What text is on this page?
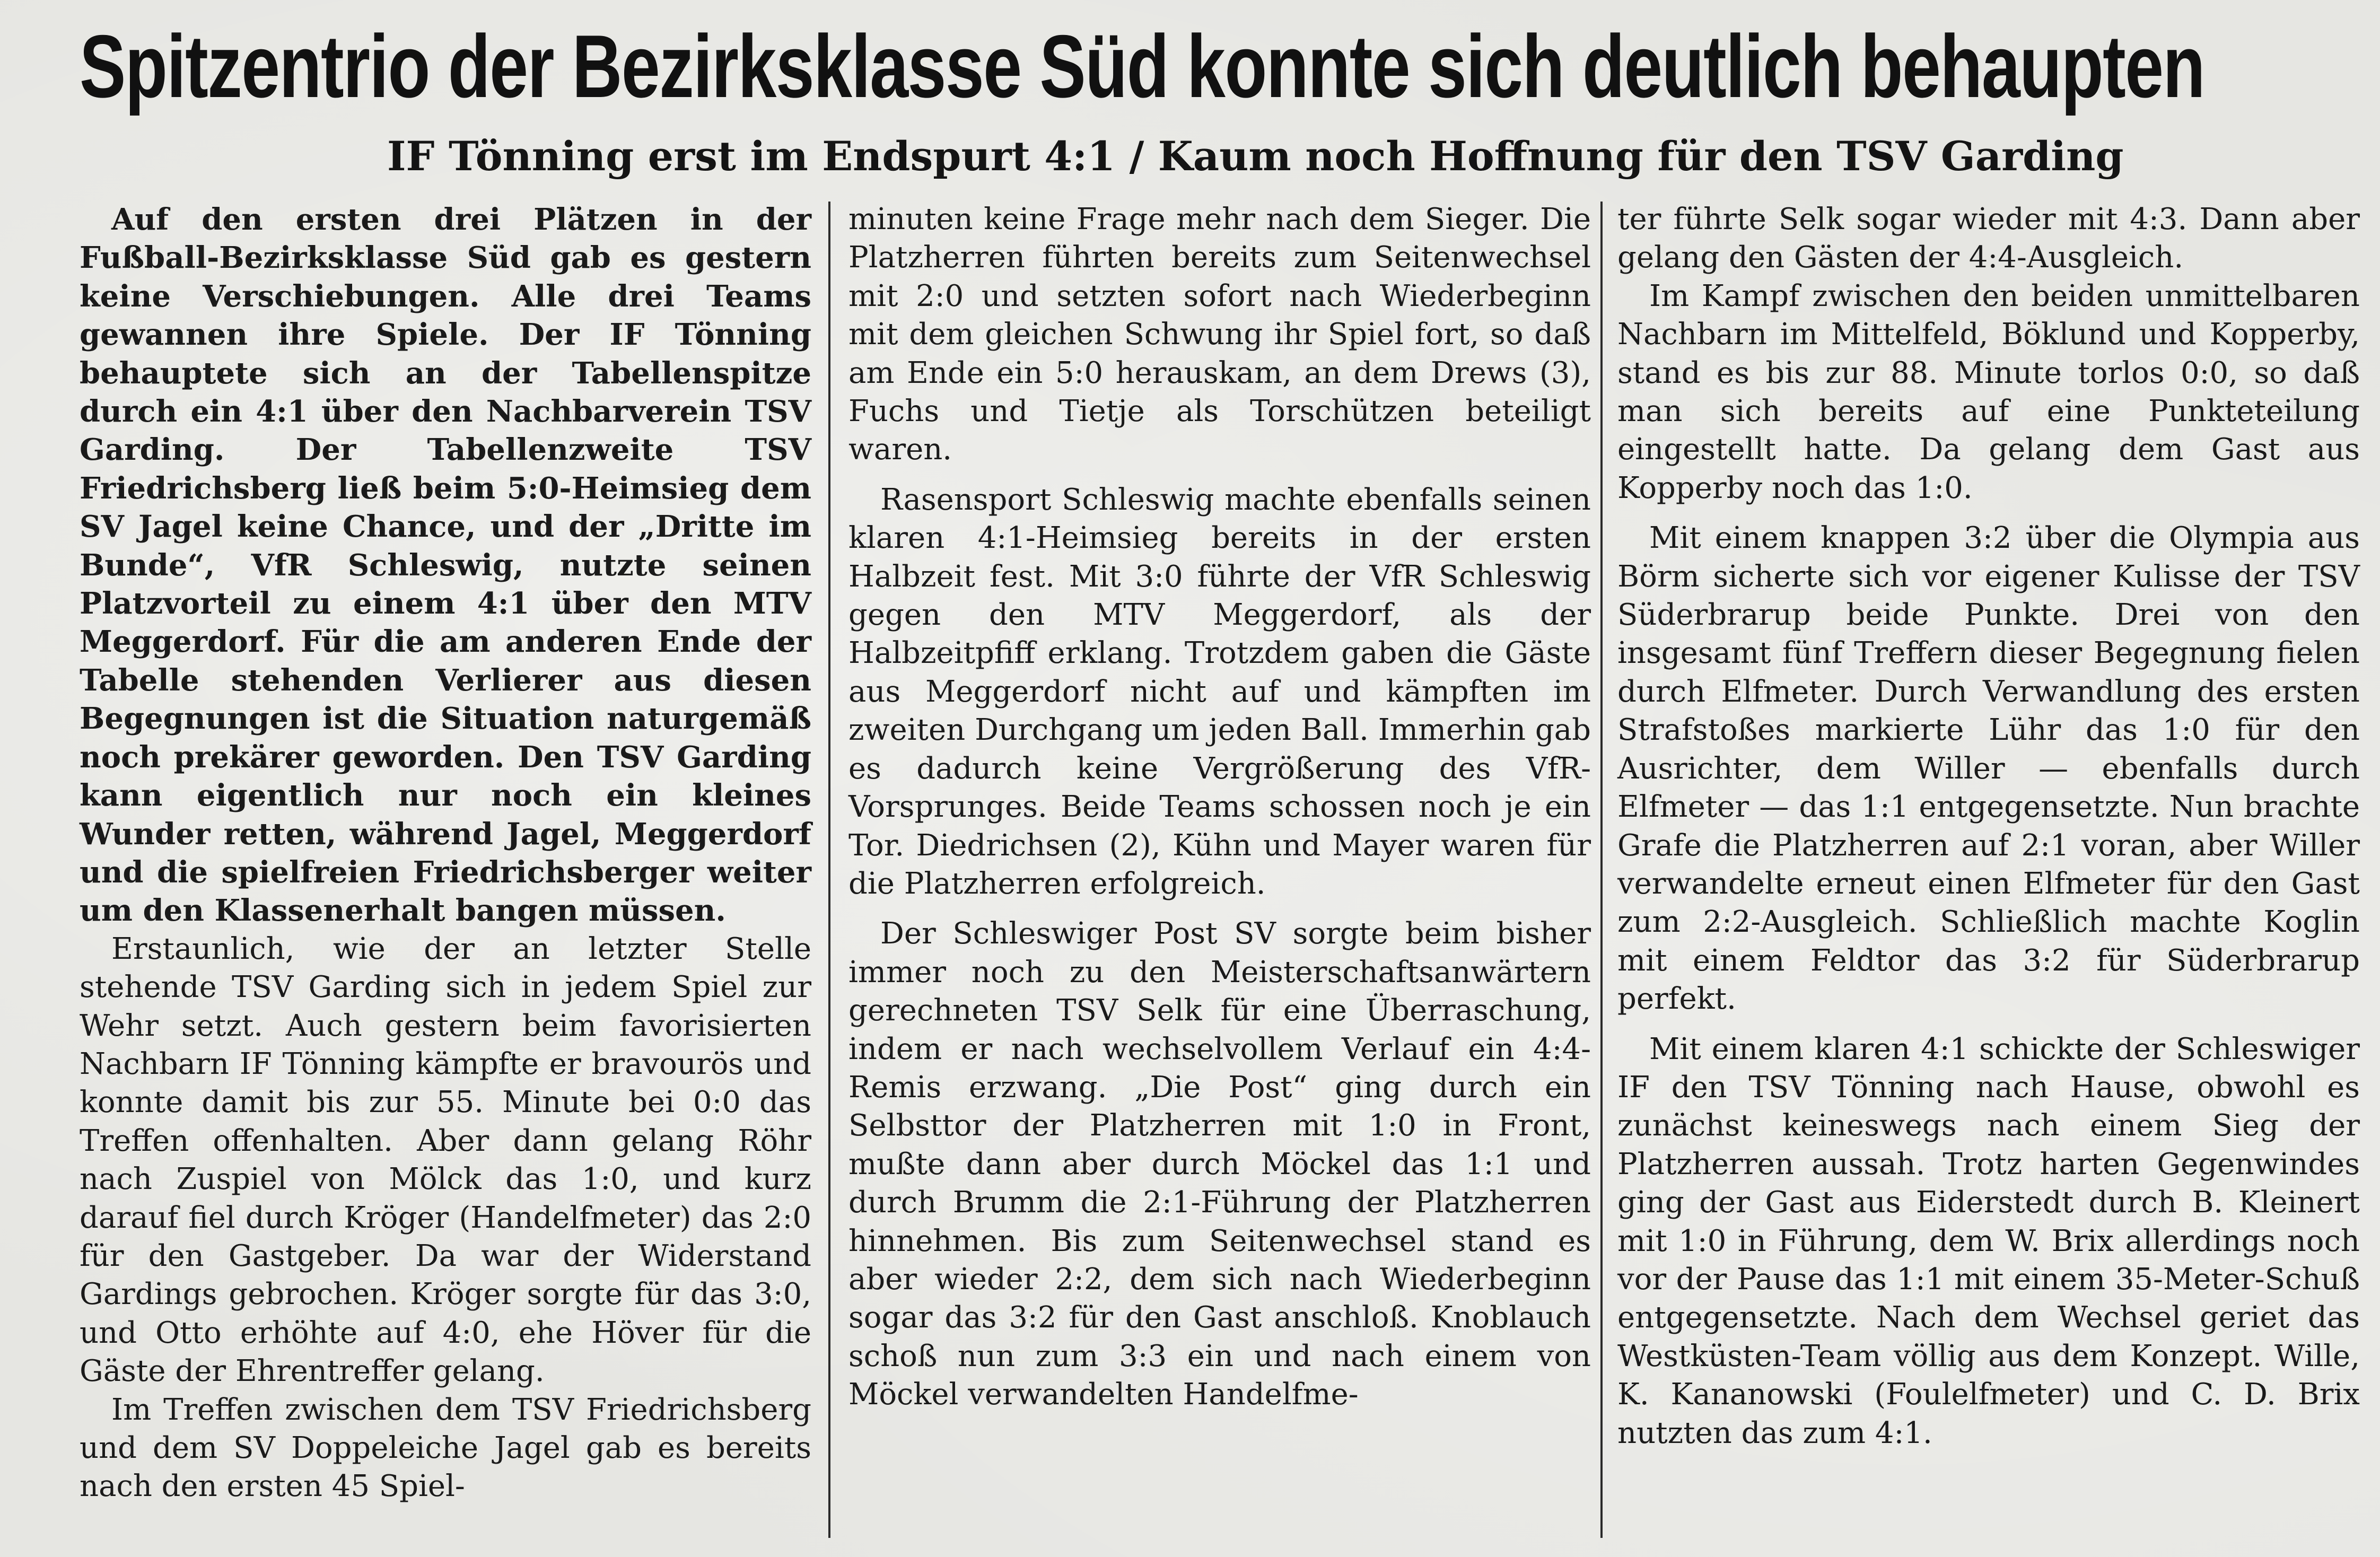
Spitzentrio der Bezirksklasse Süd konnte sich deutlich behaupten
IF Tönning erst im Endspurt 4:1 / Kaum noch Hoffnung für den TSV Garding

Auf den ersten drei Plätzen in der Fußball-Bezirksklasse Süd gab es gestern keine Verschiebungen. Alle drei Teams gewannen ihre Spiele. Der IF Tönning behauptete sich an der Tabellenspitze durch ein 4:1 über den Nachbarverein TSV Garding. Der Tabellenzweite TSV Friedrichsberg ließ beim 5:0-Heimsieg dem SV Jagel keine Chance, und der „Dritte im Bunde“, VfR Schleswig, nutzte seinen Platzvorteil zu einem 4:1 über den MTV Meggerdorf. Für die am anderen Ende der Tabelle stehenden Verlierer aus diesen Begegnungen ist die Situation naturgemäß noch prekärer geworden. Den TSV Garding kann eigentlich nur noch ein kleines Wunder retten, während Jagel, Meggerdorf und die spielfreien Friedrichsberger weiter um den Klassenerhalt bangen müssen.

Erstaunlich, wie der an letzter Stelle stehende TSV Garding sich in jedem Spiel zur Wehr setzt. Auch gestern beim favorisierten Nachbarn IF Tönning kämpfte er bravourös und konnte damit bis zur 55. Minute bei 0:0 das Treffen offenhalten. Aber dann gelang Röhr nach Zuspiel von Mölck das 1:0, und kurz darauf fiel durch Kröger (Handelfmeter) das 2:0 für den Gastgeber. Da war der Widerstand Gardings gebrochen. Kröger sorgte für das 3:0, und Otto erhöhte auf 4:0, ehe Höver für die Gäste der Ehrentreffer gelang.

Im Treffen zwischen dem TSV Friedrichsberg und dem SV Doppeleiche Jagel gab es bereits nach den ersten 45 Spiel-

minuten keine Frage mehr nach dem Sieger. Die Platzherren führten bereits zum Seitenwechsel mit 2:0 und setzten sofort nach Wiederbeginn mit dem gleichen Schwung ihr Spiel fort, so daß am Ende ein 5:0 herauskam, an dem Drews (3), Fuchs und Tietje als Torschützen beteiligt waren.

Rasensport Schleswig machte ebenfalls seinen klaren 4:1-Heimsieg bereits in der ersten Halbzeit fest. Mit 3:0 führte der VfR Schleswig gegen den MTV Meggerdorf, als der Halbzeitpfiff erklang. Trotzdem gaben die Gäste aus Meggerdorf nicht auf und kämpften im zweiten Durchgang um jeden Ball. Immerhin gab es dadurch keine Vergrößerung des VfR-Vorsprunges. Beide Teams schossen noch je ein Tor. Diedrichsen (2), Kühn und Mayer waren für die Platzherren erfolgreich.

Der Schleswiger Post SV sorgte beim bisher immer noch zu den Meisterschaftsanwärtern gerechneten TSV Selk für eine Überraschung, indem er nach wechselvollem Verlauf ein 4:4-Remis erzwang. „Die Post“ ging durch ein Selbsttor der Platzherren mit 1:0 in Front, mußte dann aber durch Möckel das 1:1 und durch Brumm die 2:1-Führung der Platzherren hinnehmen. Bis zum Seitenwechsel stand es aber wieder 2:2, dem sich nach Wiederbeginn sogar das 3:2 für den Gast anschloß. Knoblauch schoß nun zum 3:3 ein und nach einem von Möckel verwandelten Handelfme-

ter führte Selk sogar wieder mit 4:3. Dann aber gelang den Gästen der 4:4-Ausgleich.

Im Kampf zwischen den beiden unmittelbaren Nachbarn im Mittelfeld, Böklund und Kopperby, stand es bis zur 88. Minute torlos 0:0, so daß man sich bereits auf eine Punkteteilung eingestellt hatte. Da gelang dem Gast aus Kopperby noch das 1:0.

Mit einem knappen 3:2 über die Olympia aus Börm sicherte sich vor eigener Kulisse der TSV Süderbrarup beide Punkte. Drei von den insgesamt fünf Treffern dieser Begegnung fielen durch Elfmeter. Durch Verwandlung des ersten Strafstoßes markierte Lühr das 1:0 für den Ausrichter, dem Willer — ebenfalls durch Elfmeter — das 1:1 entgegensetzte. Nun brachte Grafe die Platzherren auf 2:1 voran, aber Willer verwandelte erneut einen Elfmeter für den Gast zum 2:2-Ausgleich. Schließlich machte Koglin mit einem Feldtor das 3:2 für Süderbrarup perfekt.

Mit einem klaren 4:1 schickte der Schleswiger IF den TSV Tönning nach Hause, obwohl es zunächst keineswegs nach einem Sieg der Platzherren aussah. Trotz harten Gegenwindes ging der Gast aus Eiderstedt durch B. Kleinert mit 1:0 in Führung, dem W. Brix allerdings noch vor der Pause das 1:1 mit einem 35-Meter-Schuß entgegensetzte. Nach dem Wechsel geriet das Westküsten-Team völlig aus dem Konzept. Wille, K. Kananowski (Foulelfmeter) und C. D. Brix nutzten das zum 4:1.
